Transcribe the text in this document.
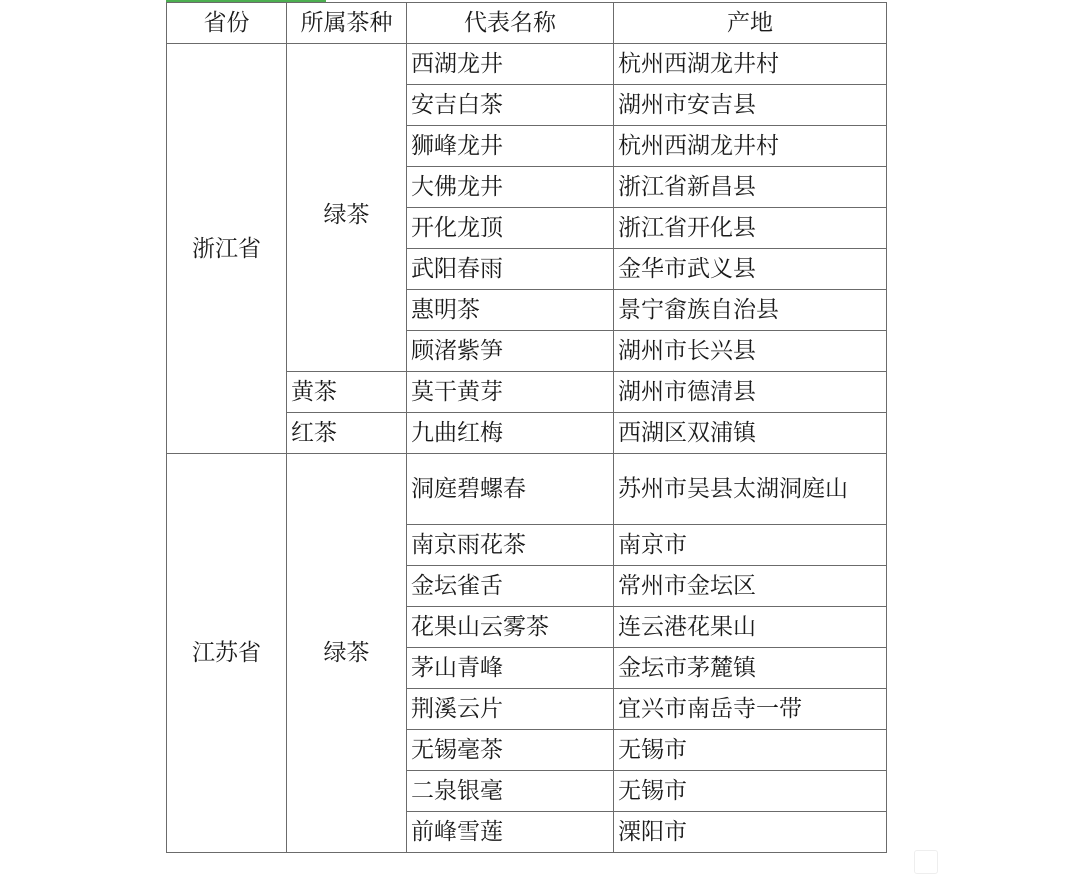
省份	所属茶种	代表名称	产地
浙江省	绿茶	西湖龙井	杭州西湖龙井村
		安吉白茶	湖州市安吉县
		狮峰龙井	杭州西湖龙井村
		大佛龙井	浙江省新昌县
		开化龙顶	浙江省开化县
		武阳春雨	金华市武义县
		惠明茶	景宁畲族自治县
		顾渚紫笋	湖州市长兴县
	黄茶	莫干黄芽	湖州市德清县
	红茶	九曲红梅	西湖区双浦镇
江苏省	绿茶	洞庭碧螺春	苏州市吴县太湖洞庭山
		南京雨花茶	南京市
		金坛雀舌	常州市金坛区
		花果山云雾茶	连云港花果山
		茅山青峰	金坛市茅麓镇
		荆溪云片	宜兴市南岳寺一带
		无锡毫茶	无锡市
		二泉银毫	无锡市
		前峰雪莲	溧阳市
